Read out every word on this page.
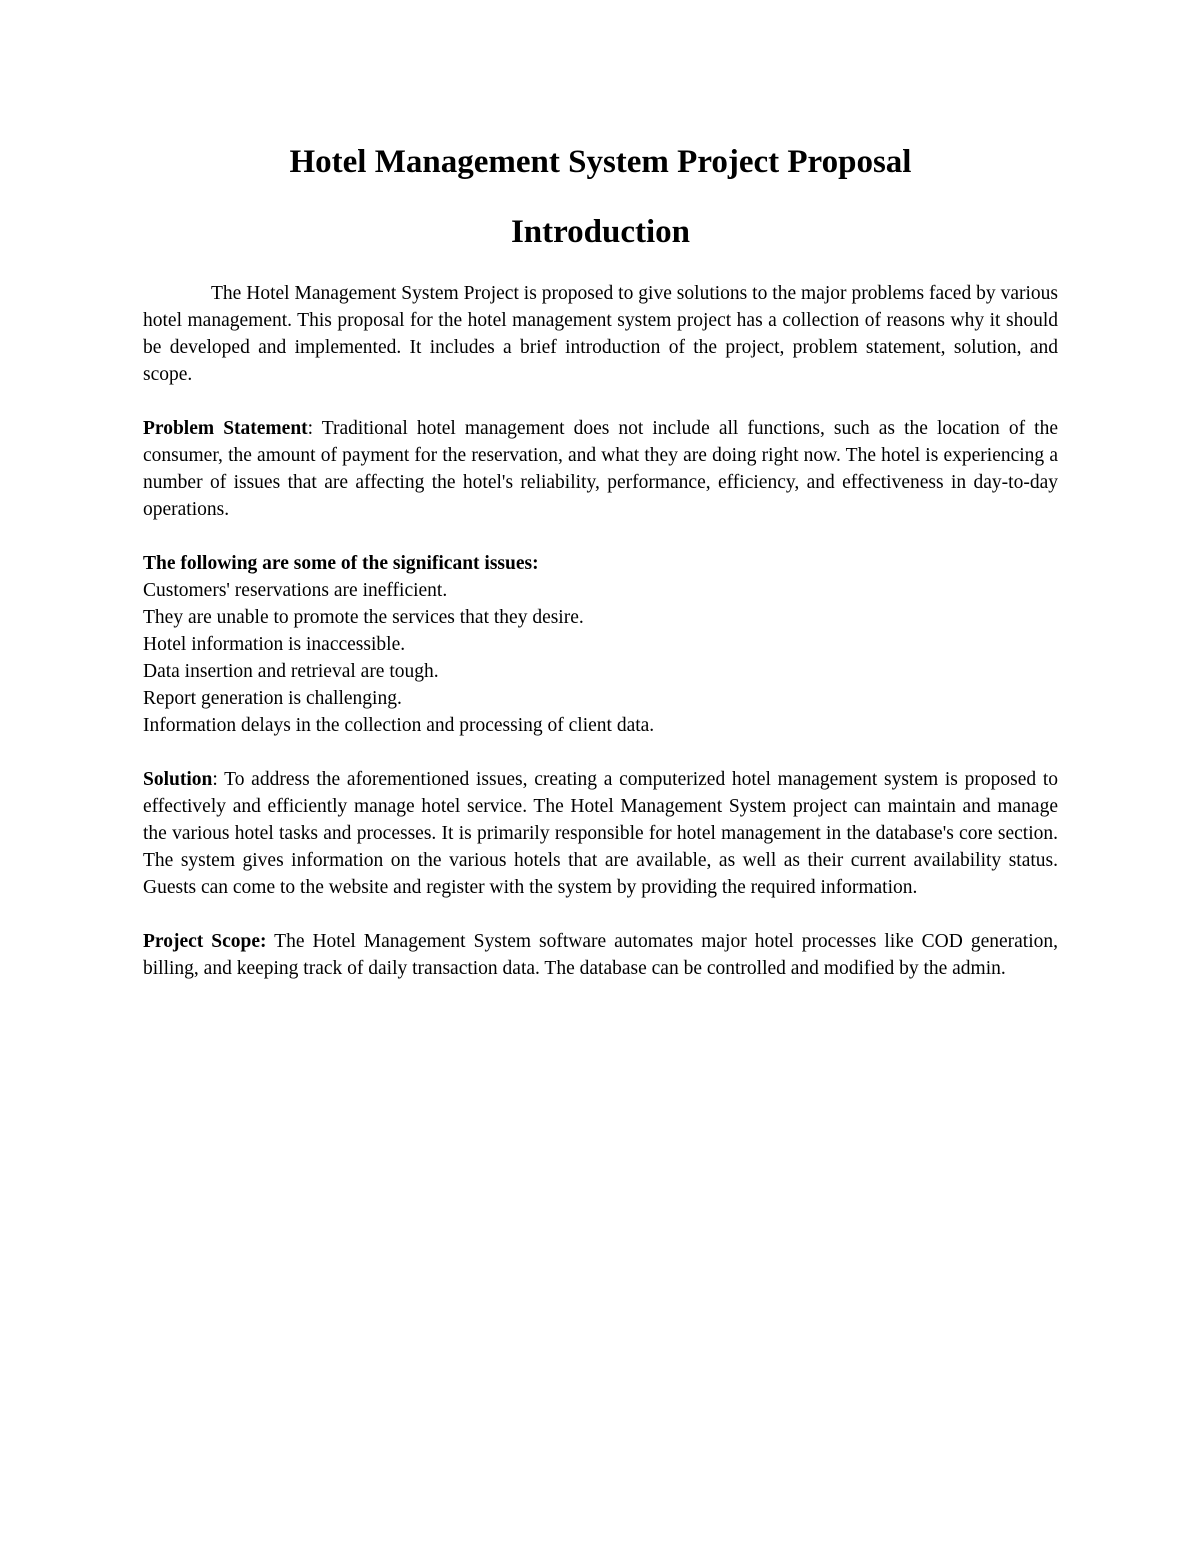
Hotel Management System Project Proposal
Introduction

The Hotel Management System Project is proposed to give solutions to the major problems faced by various hotel management. This proposal for the hotel management system project has a collection of reasons why it should be developed and implemented. It includes a brief introduction of the project, problem statement, solution, and scope.

Problem Statement: Traditional hotel management does not include all functions, such as the location of the consumer, the amount of payment for the reservation, and what they are doing right now. The hotel is experiencing a number of issues that are affecting the hotel's reliability, performance, efficiency, and effectiveness in day-to-day operations.

The following are some of the significant issues:

Customers' reservations are inefficient.
They are unable to promote the services that they desire.
Hotel information is inaccessible.
Data insertion and retrieval are tough.
Report generation is challenging.
Information delays in the collection and processing of client data.

Solution: To address the aforementioned issues, creating a computerized hotel management system is proposed to effectively and efficiently manage hotel service. The Hotel Management System project can maintain and manage the various hotel tasks and processes. It is primarily responsible for hotel management in the database's core section. The system gives information on the various hotels that are available, as well as their current availability status. Guests can come to the website and register with the system by providing the required information.

Project Scope: The Hotel Management System software automates major hotel processes like COD generation, billing, and keeping track of daily transaction data. The database can be controlled and modified by the admin.
